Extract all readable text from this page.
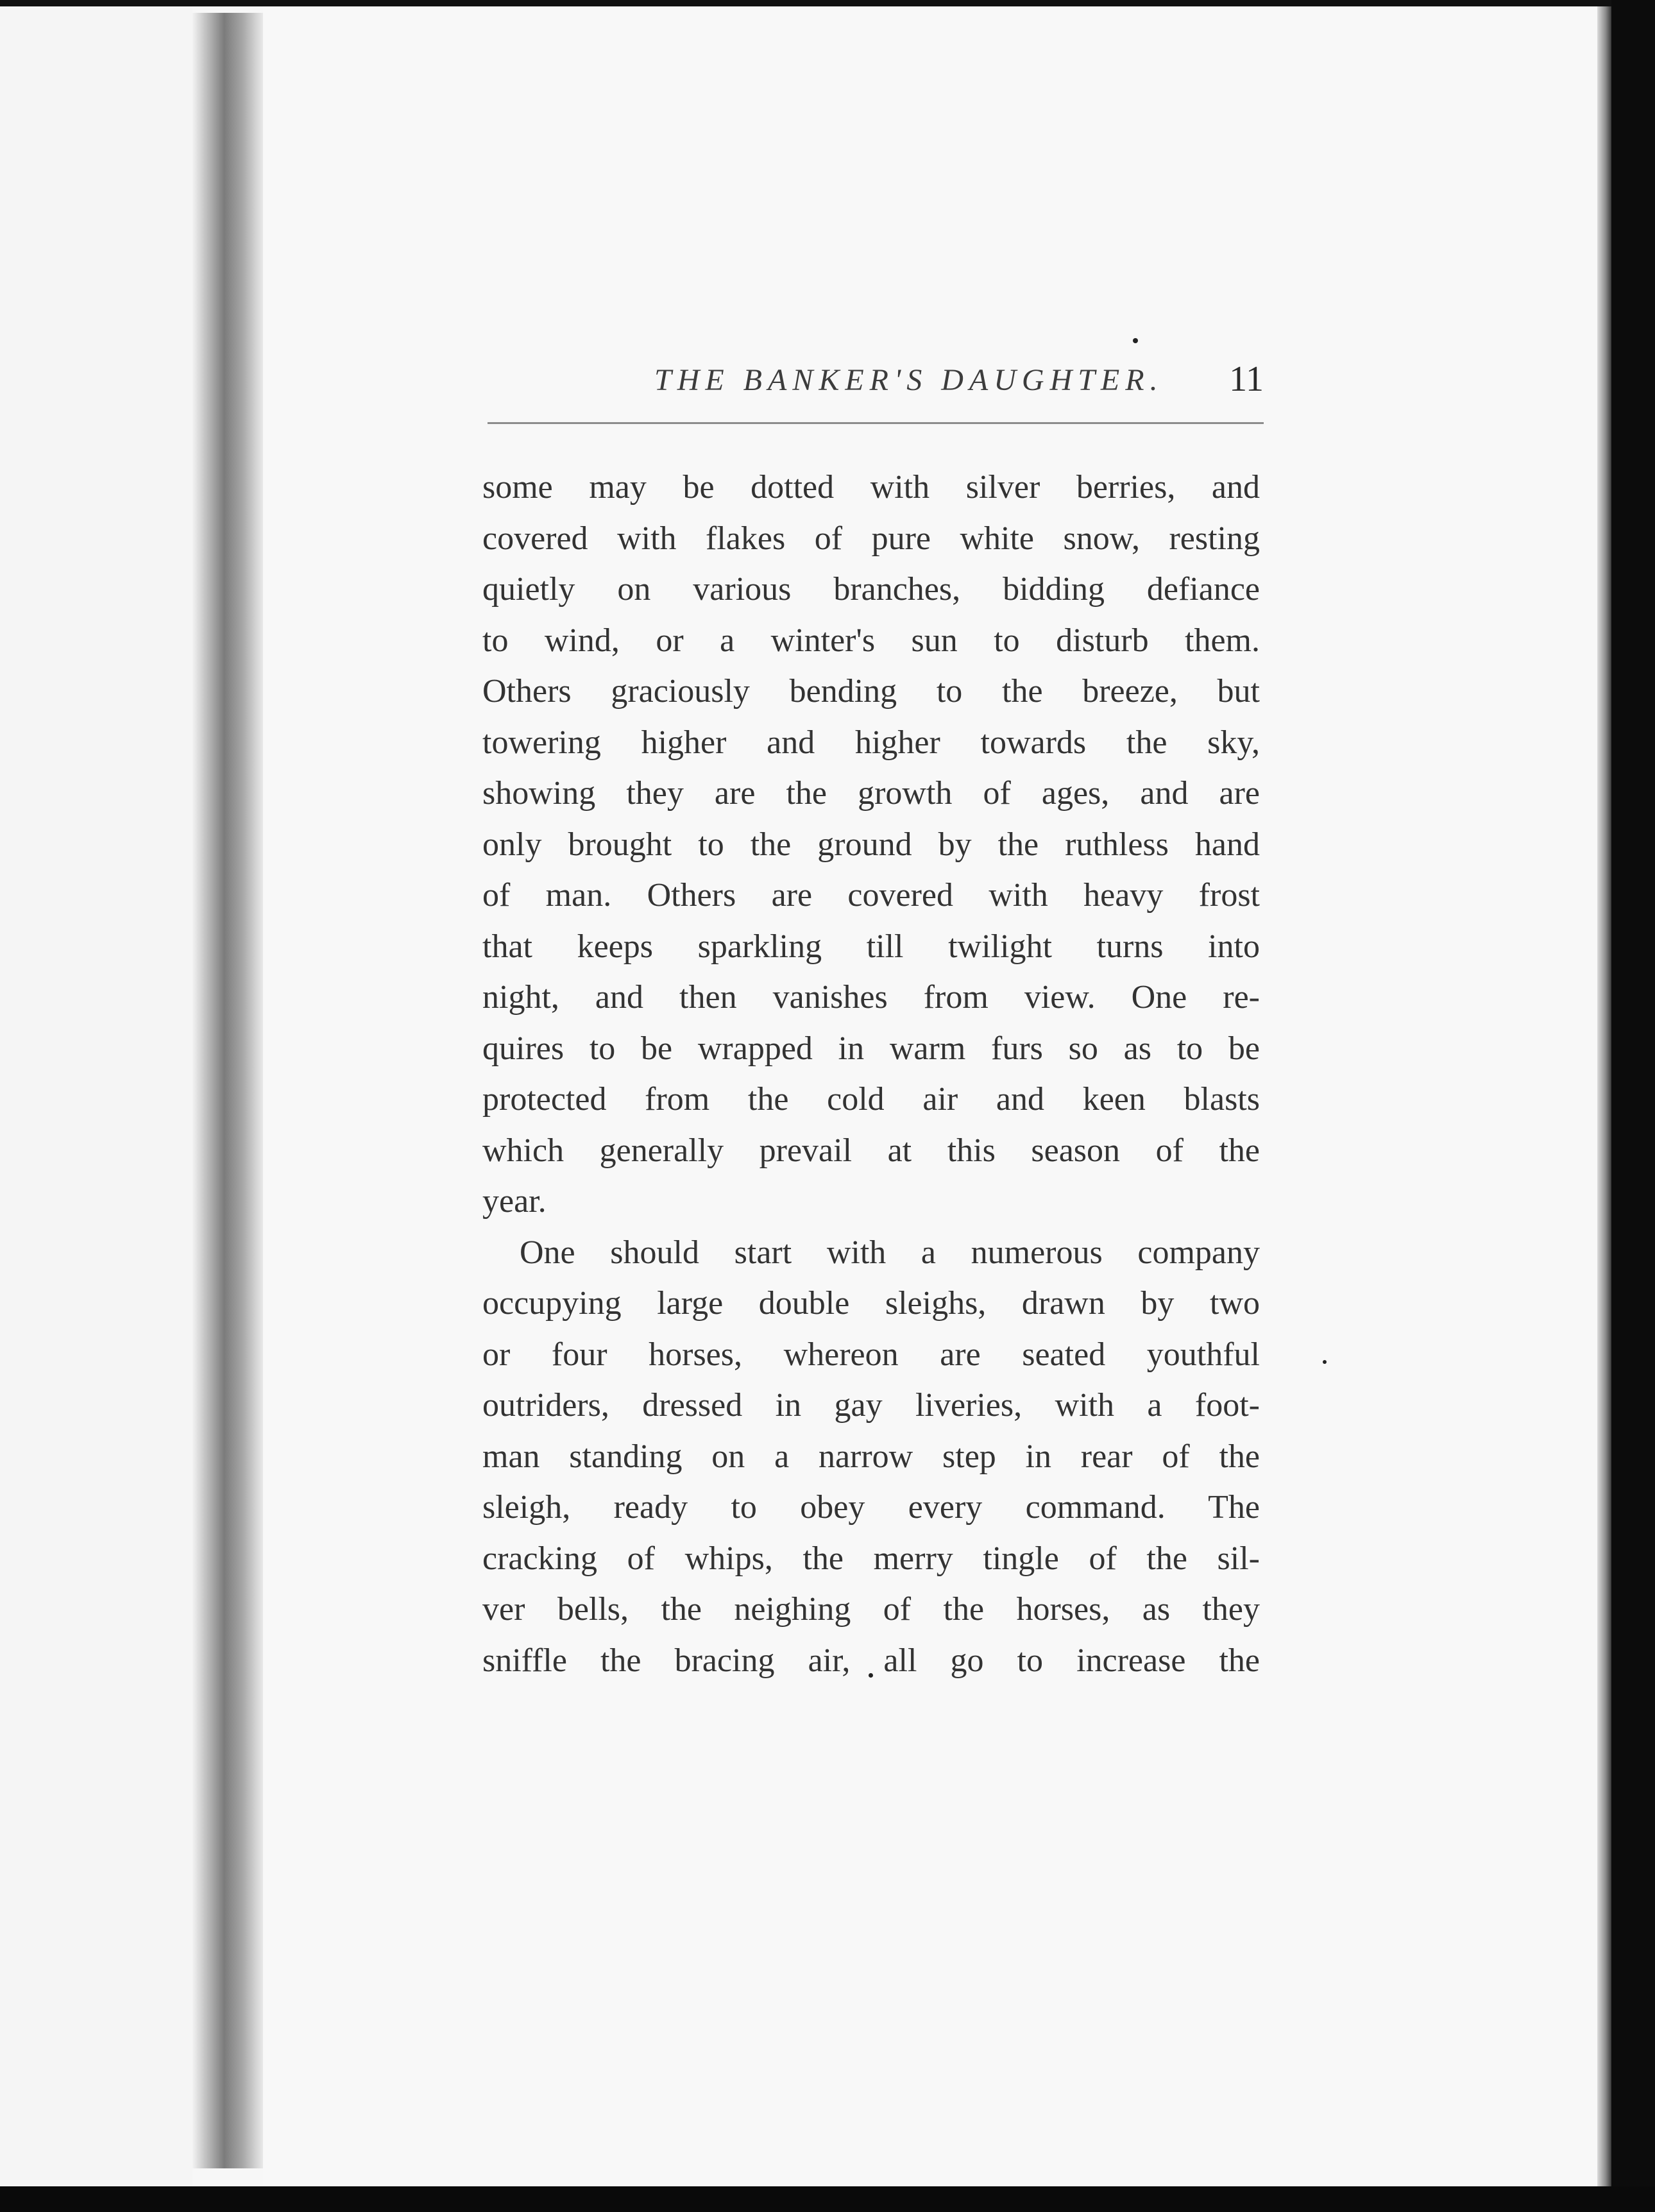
THE BANKER'S DAUGHTER. 11
some may be dotted with silver berries, and
covered with flakes of pure white snow, resting
quietly on various branches, bidding defiance
to wind, or a winter's sun to disturb them.
Others graciously bending to the breeze, but
towering higher and higher towards the sky,
showing they are the growth of ages, and are
only brought to the ground by the ruthless hand
of man. Others are covered with heavy frost
that keeps sparkling till twilight turns into
night, and then vanishes from view. One re-
quires to be wrapped in warm furs so as to be
protected from the cold air and keen blasts
which generally prevail at this season of the
year.
One should start with a numerous company
occupying large double sleighs, drawn by two
or four horses, whereon are seated youthful
outriders, dressed in gay liveries, with a foot-
man standing on a narrow step in rear of the
sleigh, ready to obey every command. The
cracking of whips, the merry tingle of the sil-
ver bells, the neighing of the horses, as they
sniffle the bracing air, all go to increase the
